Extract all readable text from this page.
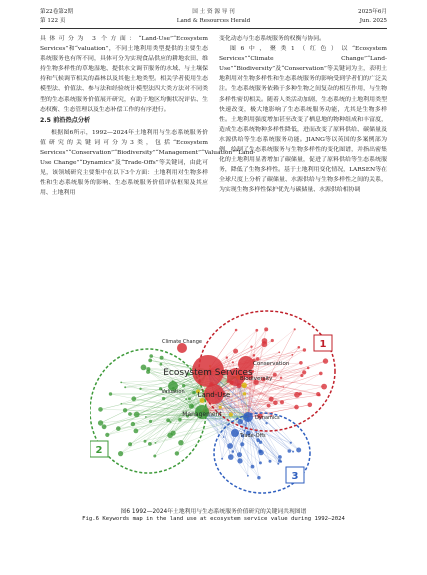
第22卷第2期
第 122 页
国 土 资 源 导 刊
Land & Resources Herald
2025年6月
Jun. 2025

具体可分为 3 个方面：“Land-Use”“Ecosystem Services”和“valuation”，不同土地利用类型提供的主要生态系统服务也有所不同，具体可分为实现食品供应的耕地农田、维持生物多样性的草地湿地、提供水文调节服务的水域、与土壤保持和气候调节相关的森林以及其他土地类型。相关学者使用生态模型法、价值法、参与法和经验统计模型法四大类方法对不同类型的生态系统服务价值展开研究，有助于地区均衡状况评估、生态权衡、生态管理以及生态补偿工作的有序进行。

2.5 前沿热点分析

根据图6所示，1992—2024年土地利用与生态系统服务价值研究的关键词可分为3类，包括“Ecosystem Services”“Conservation”“Biodiversity”“Management”“Valuation”“Land-Use Change”“Dynamics”及“Trade-Offs”等关键词，由此可见，该领域研究主要集中在以下3个方面：土地利用对生物多样性和生态系统服务的影响、生态系统服务价值评估框架及其应用、土地利用

变化动态与生态系统服务的权衡与协同。

图6中，聚类1（红色）以“Ecosystem Services”“Climate Change”“Land-Use”“Biodiversity”及“Conservation”等关键词为主，表明土地利用对生物多样性和生态系统服务的影响受到学者们的广泛关注。生态系统服务依赖于多种生物之间复杂的相互作用，与生物多样性密切相关。随着人类活动加剧，生态系统的土地利用类型快速改变，极大地影响了生态系统服务功能，尤其是生物多样性。土地利用强度增加甚至改变了栖息地的物种组成和丰富度，造成生态系统物种多样性降低，进而改变了原料供给、碳储量及水源供给等生态系统服务功能。JIANG等以英国的多案例部为例，绘制了生态系统服务与生物多样性的变化图谱，并指出密集化的土地利用显著增加了碳储量，促进了原料供给等生态系统服务，降低了生物多样性。基于土地利用变化情况，LARSEN等在全球尺度上分析了碳储量、水源供给与生物多样性之间的关系，为实现生物多样性保护优先与碳储量、水源供给相协调

1
2
3
Ecosystem Services
Land-Use
Biodiversity
Conservation
Management
Climate Change
Valuation
Dynamics
Trade-Offs
图6 1992—2024年土地利用与生态系统服务价值研究的关键词共现图谱
Fig.6 Keywords map in the land use at ecosystem service value during 1992—2024
